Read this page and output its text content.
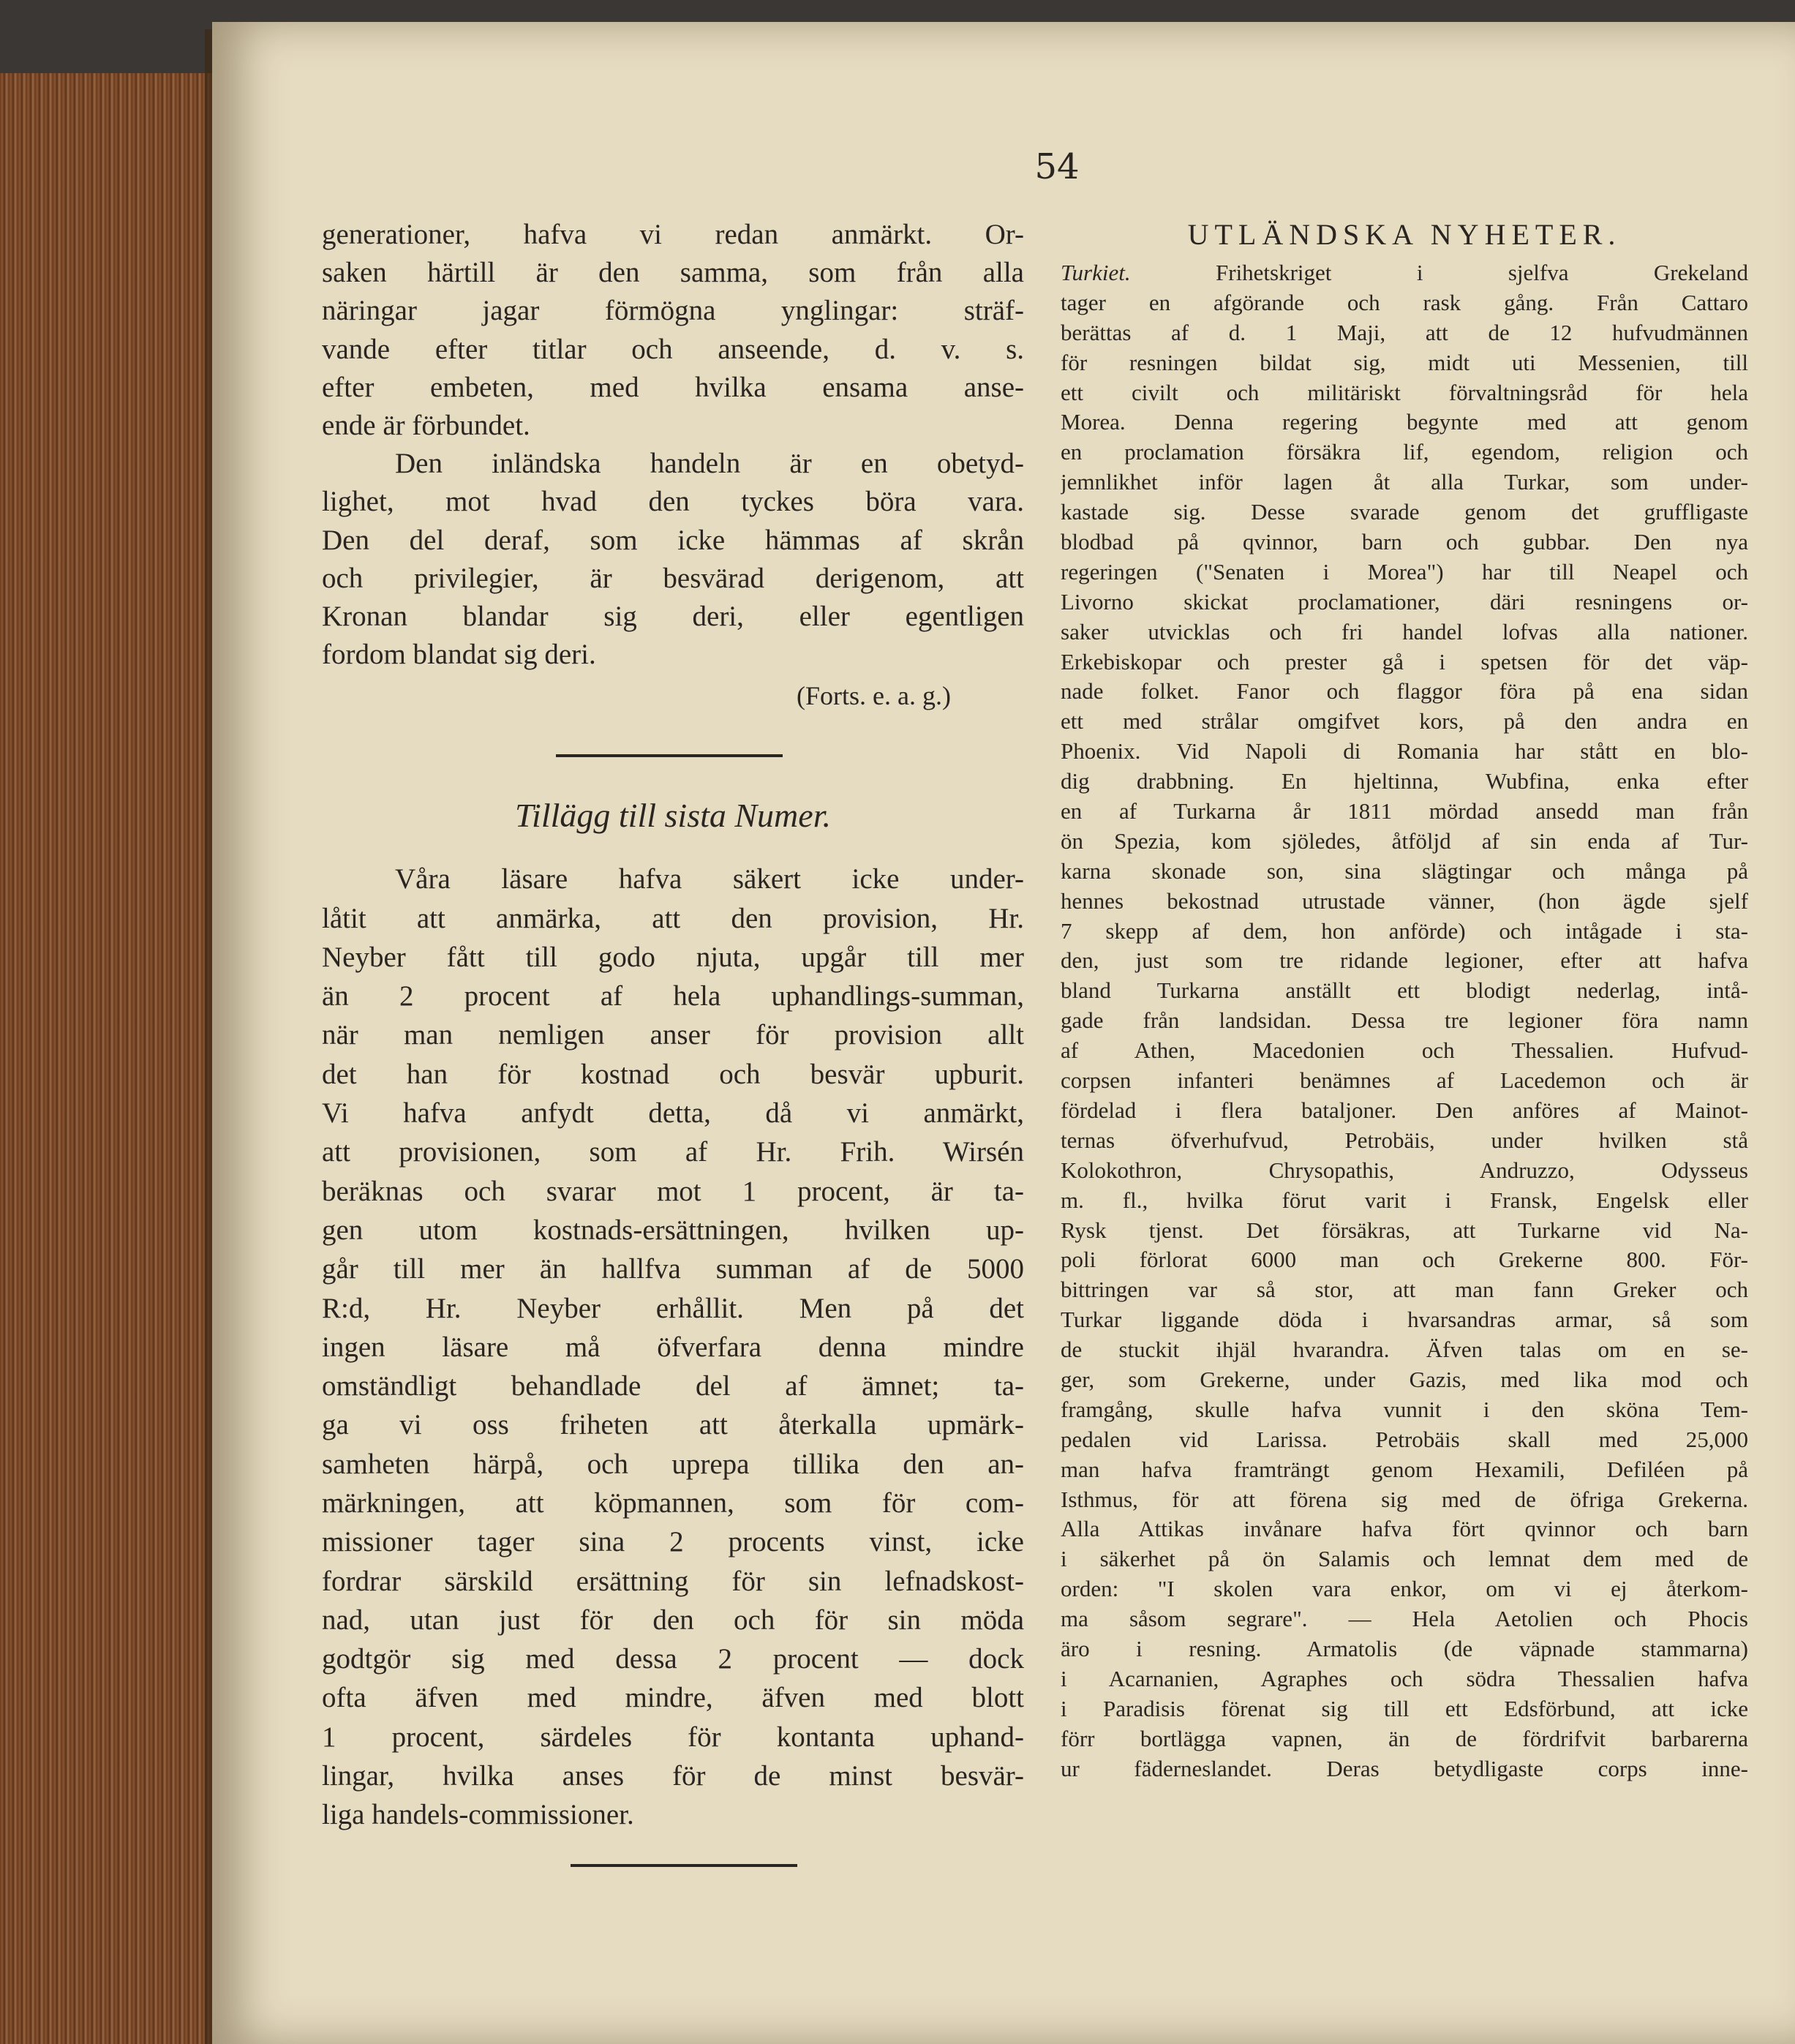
54
generationer, hafva vi redan anmärkt. Or-
saken härtill är den samma, som från alla
näringar jagar förmögna ynglingar: sträf-
vande efter titlar och anseende, d. v. s.
efter embeten, med hvilka ensama anse-
ende är förbundet.
Den inländska handeln är en obetyd-
lighet, mot hvad den tyckes böra vara.
Den del deraf, som icke hämmas af skrån
och privilegier, är besvärad derigenom, att
Kronan blandar sig deri, eller egentligen
fordom blandat sig deri.
(Forts. e. a. g.)
Tillägg till sista Numer.
Våra läsare hafva säkert icke under-
låtit att anmärka, att den provision, Hr.
Neyber fått till godo njuta, upgår till mer
än 2 procent af hela uphandlings-summan,
när man nemligen anser för provision allt
det han för kostnad och besvär upburit.
Vi hafva anfydt detta, då vi anmärkt,
att provisionen, som af Hr. Frih. Wirsén
beräknas och svarar mot 1 procent, är ta-
gen utom kostnads-ersättningen, hvilken up-
går till mer än hallfva summan af de 5000
R:d, Hr. Neyber erhållit. Men på det
ingen läsare må öfverfara denna mindre
omständligt behandlade del af ämnet; ta-
ga vi oss friheten att återkalla upmärk-
samheten härpå, och uprepa tillika den an-
märkningen, att köpmannen, som för com-
missioner tager sina 2 procents vinst, icke
fordrar särskild ersättning för sin lefnadskost-
nad, utan just för den och för sin möda
godtgör sig med dessa 2 procent — dock
ofta äfven med mindre, äfven med blott
1 procent, särdeles för kontanta uphand-
lingar, hvilka anses för de minst besvär-
liga handels-commissioner.
UTLÄNDSKA NYHETER.
Turkiet.	Frihetskriget i sjelfva Grekeland
tager en afgörande och rask gång. Från Cattaro
berättas af d. 1 Maji, att de 12 hufvudmännen
för resningen bildat sig, midt uti Messenien, till
ett civilt och militäriskt förvaltningsråd för hela
Morea. Denna regering begynte med att genom
en proclamation försäkra lif, egendom, religion och
jemnlikhet inför lagen åt alla Turkar, som under-
kastade sig. Desse svarade genom det gruffligaste
blodbad på qvinnor, barn och gubbar. Den nya
regeringen ("Senaten i Morea") har till Neapel och
Livorno skickat proclamationer, däri resningens or-
saker utvicklas och fri handel lofvas alla nationer.
Erkebiskopar och prester gå i spetsen för det väp-
nade folket. Fanor och flaggor föra på ena sidan
ett med strålar omgifvet kors, på den andra en
Phoenix. Vid Napoli di Romania har stått en blo-
dig drabbning. En hjeltinna, Wubfina, enka efter
en af Turkarna år 1811 mördad ansedd man från
ön Spezia, kom sjöledes, åtföljd af sin enda af Tur-
karna skonade son, sina slägtingar och många på
hennes bekostnad utrustade vänner, (hon ägde sjelf
7 skepp af dem, hon anförde) och intågade i sta-
den, just som tre ridande legioner, efter att hafva
bland Turkarna anställt ett blodigt nederlag, intå-
gade från landsidan. Dessa tre legioner föra namn
af Athen, Macedonien och Thessalien. Hufvud-
corpsen infanteri benämnes af Lacedemon och är
fördelad i flera bataljoner. Den anföres af Mainot-
ternas öfverhufvud, Petrobäis, under hvilken stå
Kolokothron, Chrysopathis, Andruzzo, Odysseus
m. fl., hvilka förut varit i Fransk, Engelsk eller
Rysk tjenst. Det försäkras, att Turkarne vid Na-
poli förlorat 6000 man och Grekerne 800. För-
bittringen var så stor, att man fann Greker och
Turkar liggande döda i hvarsandras armar, så som
de stuckit ihjäl hvarandra. Äfven talas om en se-
ger, som Grekerne, under Gazis, med lika mod och
framgång, skulle hafva vunnit i den sköna Tem-
pedalen vid Larissa. Petrobäis skall med 25,000
man hafva framträngt genom Hexamili, Defiléen på
Isthmus, för att förena sig med de öfriga Grekerna.
Alla Attikas invånare hafva fört qvinnor och barn
i säkerhet på ön Salamis och lemnat dem med de
orden: "I skolen vara enkor, om vi ej återkom-
ma såsom segrare". — Hela Aetolien och Phocis
äro i resning. Armatolis (de väpnade stammarna)
i Acarnanien, Agraphes och södra Thessalien hafva
i Paradisis förenat sig till ett Edsförbund, att icke
förr bortlägga vapnen, än de fördrifvit barbarerna
ur fäderneslandet. Deras betydligaste corps inne-
